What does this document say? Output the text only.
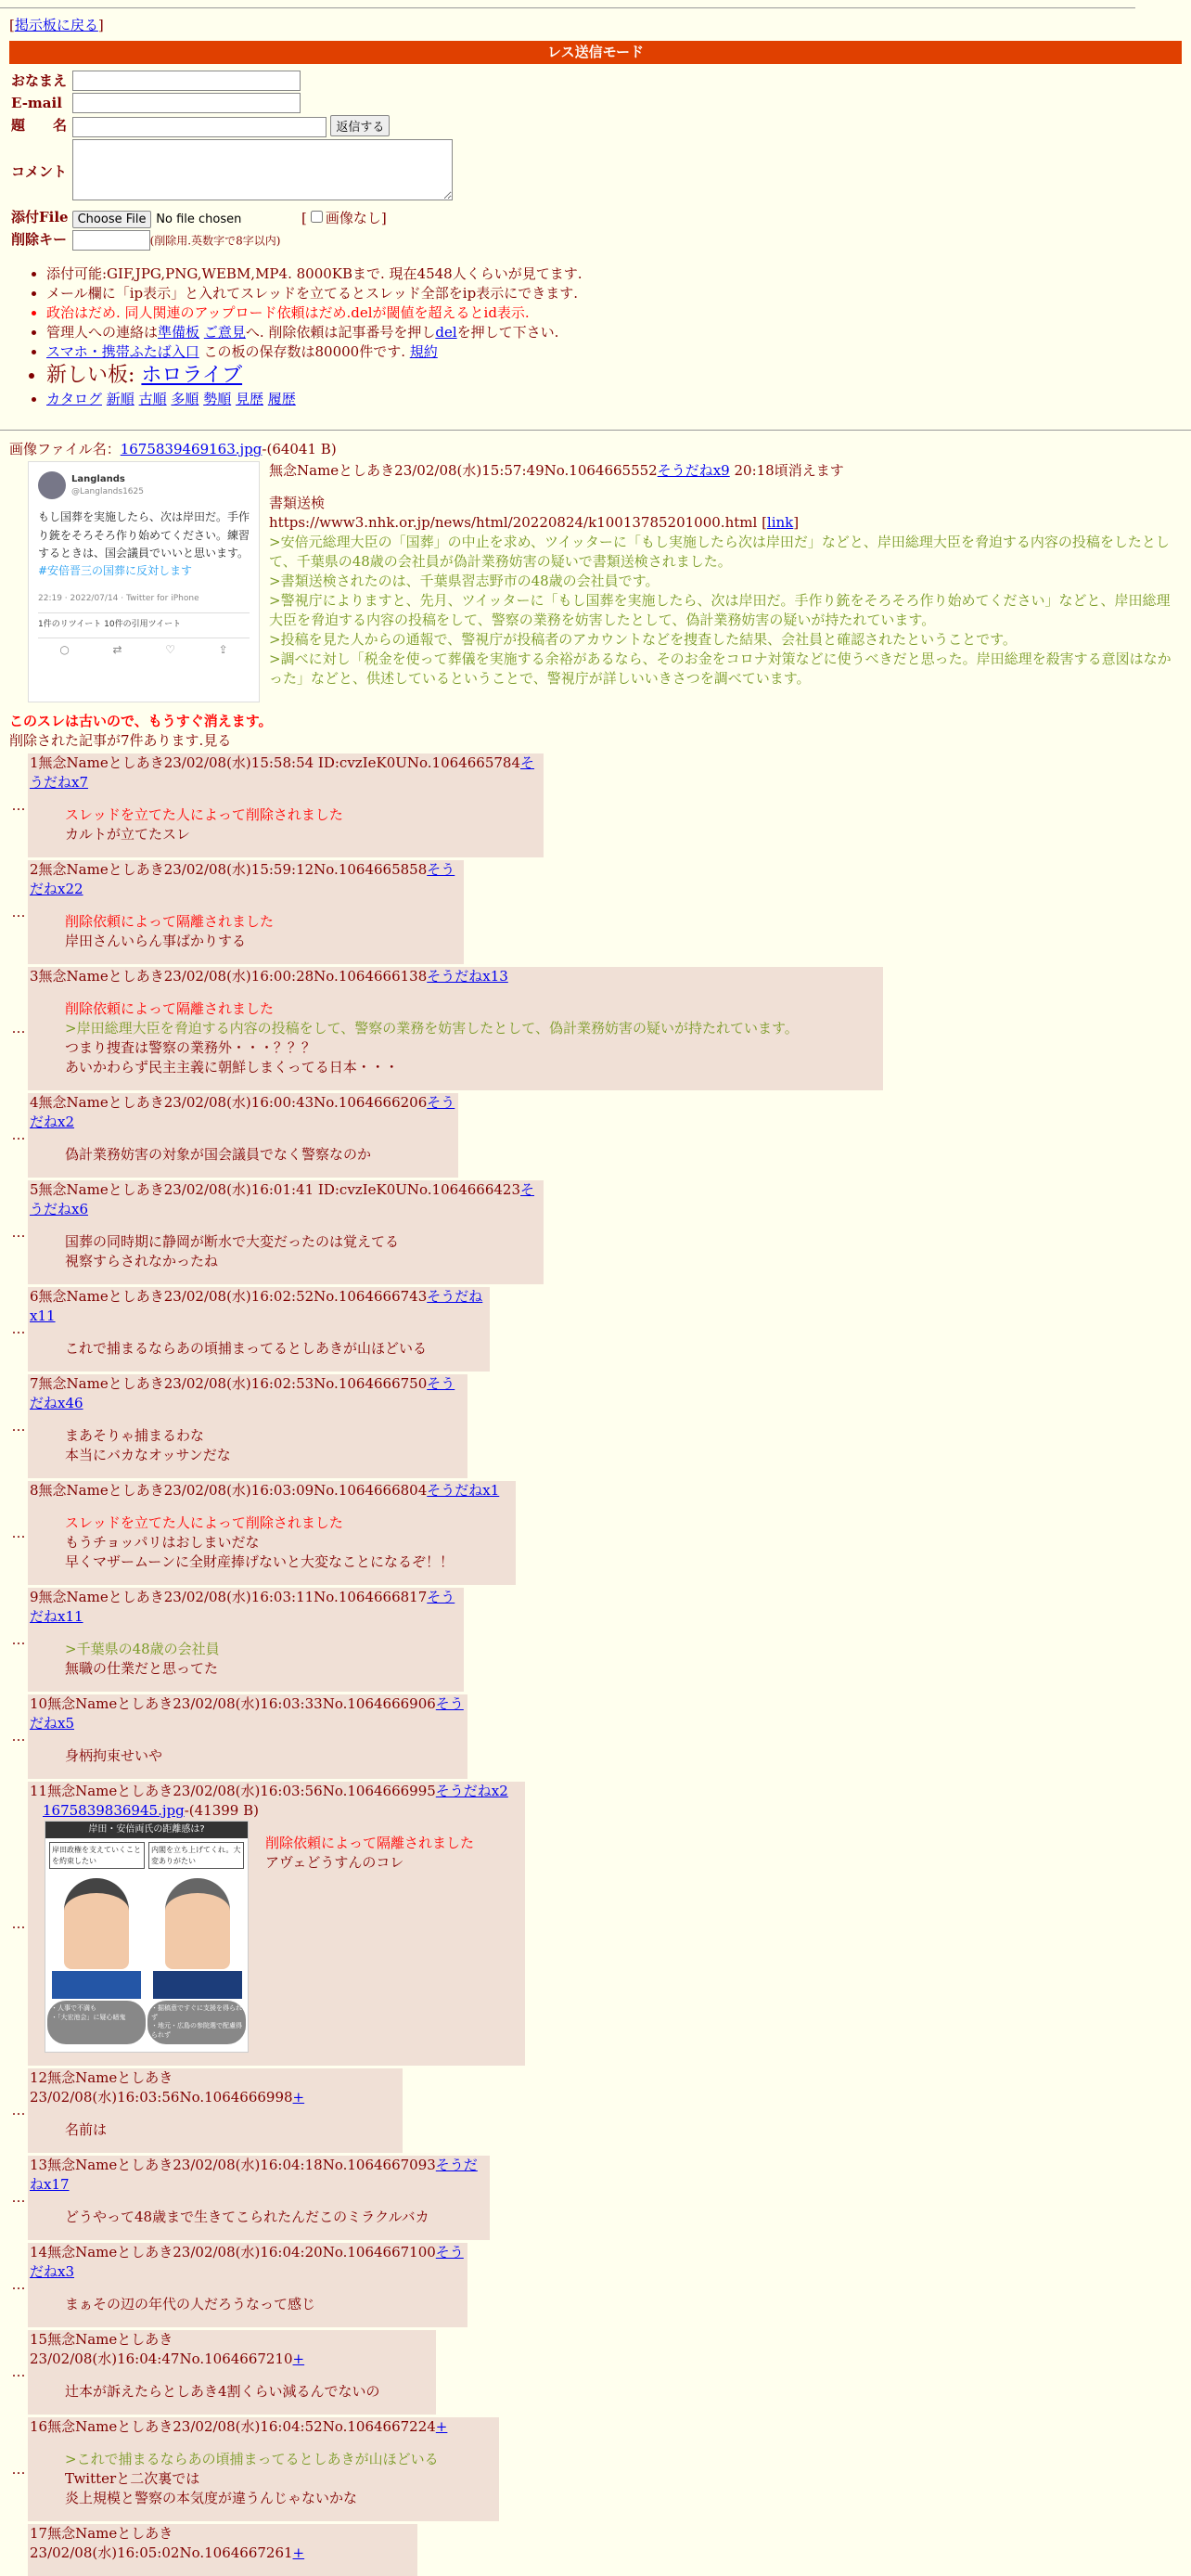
[掲示板に戻る]
レス送信モード
おなまえ	
E-mail	
題　　名	返信する
コメント	
添付File	Choose File No file chosen [ 画像なし]
削除キー	(削除用.英数字で8字以内)
• 添付可能:GIF,JPG,PNG,WEBM,MP4. 8000KBまで. 現在4548人くらいが見てます.
• メール欄に「ip表示」と入れてスレッドを立てるとスレッド全部をip表示にできます.
• 政治はだめ. 同人関連のアップロード依頼はだめ.delが閾値を超えるとid表示.
• 管理人への連絡は準備板 ご意見へ. 削除依頼は記事番号を押しdelを押して下さい.
• スマホ・携帯ふたば入口 この板の保存数は80000件です. 規約
• 新しい板: ホロライブ
• カタログ 新順 古順 多順 勢順 見歴 履歴
画像ファイル名：1675839469163.jpg-(64041 B)
Langlands
@Langlands1625
もし国葬を実施したら、次は岸田だ。手作り銃をそろそろ作り始めてください。練習するときは、国会議員でいいと思います。#安倍晋三の国葬に反対します
22:19 · 2022/07/14 · Twitter for iPhone
1件のリツイート 10件の引用ツイート
○	⇄	♡	⇪
無念Nameとしあき23/02/08(水)15:57:49No.1064665552そうだねx9 20:18頃消えます
書類送検
https://www3.nhk.or.jp/news/html/20220824/k10013785201000.html [link]
>安倍元総理大臣の「国葬」の中止を求め、ツイッターに「もし実施したら次は岸田だ」などと、岸田総理大臣を脅迫する内容の投稿をしたとして、千葉県の48歳の会社員が偽計業務妨害の疑いで書類送検されました。
>書類送検されたのは、千葉県習志野市の48歳の会社員です。
>警視庁によりますと、先月、ツイッターに「もし国葬を実施したら、次は岸田だ。手作り銃をそろそろ作り始めてください」などと、岸田総理大臣を脅迫する内容の投稿をして、警察の業務を妨害したとして、偽計業務妨害の疑いが持たれています。
>投稿を見た人からの通報で、警視庁が投稿者のアカウントなどを捜査した結果、会社員と確認されたということです。
>調べに対し「税金を使って葬儀を実施する余裕があるなら、そのお金をコロナ対策などに使うべきだと思った。岸田総理を殺害する意図はなかった」などと、供述しているということで、警視庁が詳しいいきさつを調べています。
このスレは古いので、もうすぐ消えます。
削除された記事が7件あります.見る
…
1無念Nameとしあき23/02/08(水)15:58:54 ID:cvzIeK0UNo.1064665784そうだねx7
スレッドを立てた人によって削除されました
カルトが立てたスレ
…
2無念Nameとしあき23/02/08(水)15:59:12No.1064665858そうだねx22
削除依頼によって隔離されました
岸田さんいらん事ばかりする
…
3無念Nameとしあき23/02/08(水)16:00:28No.1064666138そうだねx13
削除依頼によって隔離されました
>岸田総理大臣を脅迫する内容の投稿をして、警察の業務を妨害したとして、偽計業務妨害の疑いが持たれています。
つまり捜査は警察の業務外・・・？？？
あいかわらず民主主義に朝鮮しまくってる日本・・・
…
4無念Nameとしあき23/02/08(水)16:00:43No.1064666206そうだねx2
偽計業務妨害の対象が国会議員でなく警察なのか
…
5無念Nameとしあき23/02/08(水)16:01:41 ID:cvzIeK0UNo.1064666423そうだねx6
国葬の同時期に静岡が断水で大変だったのは覚えてる
視察すらされなかったね
…
6無念Nameとしあき23/02/08(水)16:02:52No.1064666743そうだねx11
これで捕まるならあの頃捕まってるとしあきが山ほどいる
…
7無念Nameとしあき23/02/08(水)16:02:53No.1064666750そうだねx46
まあそりゃ捕まるわな
本当にバカなオッサンだな
…
8無念Nameとしあき23/02/08(水)16:03:09No.1064666804そうだねx1
スレッドを立てた人によって削除されました
もうチョッパリはおしまいだな
早くマザームーンに全財産捧げないと大変なことになるぞ！！
…
9無念Nameとしあき23/02/08(水)16:03:11No.1064666817そうだねx11
>千葉県の48歳の会社員
無職の仕業だと思ってた
…
10無念Nameとしあき23/02/08(水)16:03:33No.1064666906そうだねx5
身柄拘束せいや
…
11無念Nameとしあき23/02/08(水)16:03:56No.1064666995そうだねx2
1675839836945.jpg-(41399 B)
岸田・安倍両氏の距離感は?
岸田政権を支えていくことを約束したい
内閣を立ち上げてくれ。大変ありがたい
・人事で不満も
・「大宏池会」に疑心暗鬼
・掘稿意ですぐに支援を得られず
・地元・広島の参院選で配慮得られず
削除依頼によって隔離されました
アヴェどうすんのコレ
…
12無念Nameとしあき23/02/08(水)16:03:56No.1064666998+
名前は
…
13無念Nameとしあき23/02/08(水)16:04:18No.1064667093そうだねx17
どうやって48歳まで生きてこられたんだこのミラクルバカ
…
14無念Nameとしあき23/02/08(水)16:04:20No.1064667100そうだねx3
まぁその辺の年代の人だろうなって感じ
…
15無念Nameとしあき23/02/08(水)16:04:47No.1064667210+
辻本が訴えたらとしあき4割くらい減るんでないの
…
16無念Nameとしあき23/02/08(水)16:04:52No.1064667224+
>これで捕まるならあの頃捕まってるとしあきが山ほどいる
Twitterと二次裏では
炎上規模と警察の本気度が違うんじゃないかな
17無念Nameとしあき23/02/08(水)16:05:02No.1064667261+
